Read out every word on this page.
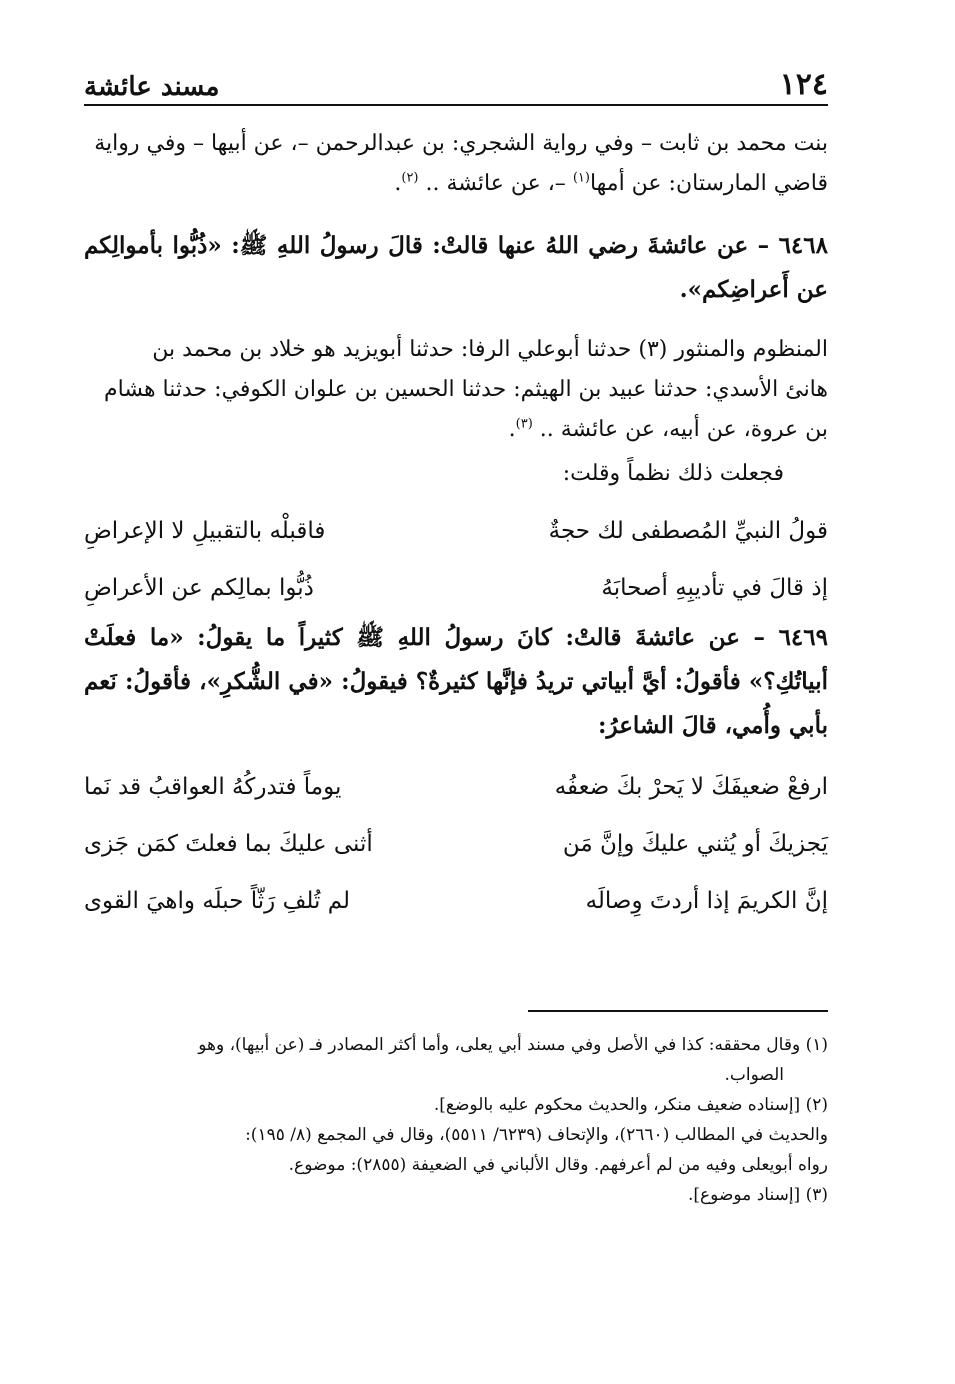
١٢٤
مسند عائشة

بنت محمد بن ثابت – وفي رواية الشجري: بن عبدالرحمن –، عن أبيها – وفي رواية
قاضي المارستان: عن أمها$^{(١)}$ –، عن عائشة .. $^{(٢)}$.

٦٤٦٨ – عن عائشةَ رضي اللهُ عنها قالتْ: قالَ رسولُ اللهِ ﷺ: «ذُبُّوا بأموالِكم عن أَعراضِكم».

المنظوم والمنثور (٣) حدثنا أبوعلي الرفا: حدثنا أبويزيد هو خلاد بن محمد بن
هانئ الأسدي: حدثنا عبيد بن الهيثم: حدثنا الحسين بن علوان الكوفي: حدثنا هشام
بن عروة، عن أبيه، عن عائشة .. $^{(٣)}$.

فجعلت ذلك نظماً وقلت:

قولُ النبيِّ المُصطفى لك حجةٌ
فاقبلْه بالتقبيلِ لا الإعراضِ
إذ قالَ في تأديبِهِ أصحابَهُ
ذُبُّوا بمالِكم عن الأعراضِ

٦٤٦٩ – عن عائشةَ قالتْ: كانَ رسولُ اللهِ ﷺ كثيراً ما يقولُ: «ما فعلَتْ أبياتُكِ؟» فأقولُ: أيَّ أبياتي تريدُ فإنَّها كثيرةٌ؟ فيقولُ: «في الشُّكرِ»، فأقولُ: نَعم بأبي وأُمي، قالَ الشاعرُ:

ارفعْ ضعيفَكَ لا يَحرْ بكَ ضعفُه
يوماً فتدركُهُ العواقبُ قد نَما
يَجزيكَ أو يُثني عليكَ وإنَّ مَن
أثنى عليكَ بما فعلتَ كمَن جَزى
إنَّ الكريمَ إذا أردتَ وِصالَه
لم تُلفِ رَثّاً حبلَه واهيَ القوى

(١) وقال محققه: كذا في الأصل وفي مسند أبي يعلى، وأما أكثر المصادر فـ (عن أبيها)، وهو
الصواب.

(٢) [إسناده ضعيف منكر، والحديث محكوم عليه بالوضع].

والحديث في المطالب (٢٦٦٠)، والإتحاف (٦٢٣٩/ ٥٥١١)، وقال في المجمع (٨/ ١٩٥):

رواه أبويعلى وفيه من لم أعرفهم. وقال الألباني في الضعيفة (٢٨٥٥): موضوع.

(٣) [إسناد موضوع].
